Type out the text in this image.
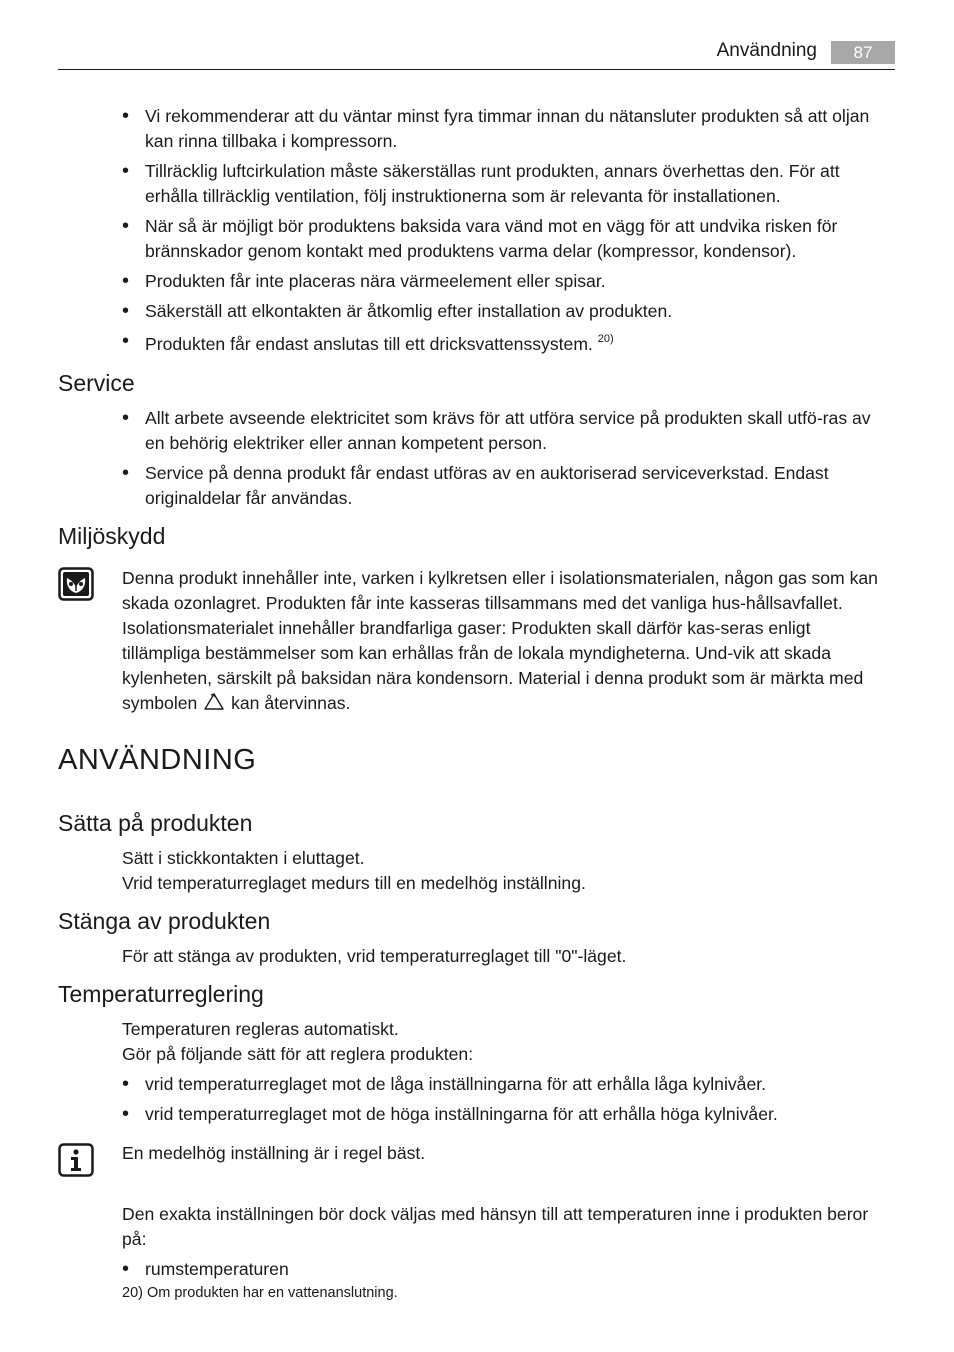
Användning	87
• Vi rekommenderar att du väntar minst fyra timmar innan du nätansluter produkten så att oljan kan rinna tillbaka i kompressorn.
• Tillräcklig luftcirkulation måste säkerställas runt produkten, annars överhettas den. För att erhålla tillräcklig ventilation, följ instruktionerna som är relevanta för installationen.
• När så är möjligt bör produktens baksida vara vänd mot en vägg för att undvika risken för brännskador genom kontakt med produktens varma delar (kompressor, kondensor).
• Produkten får inte placeras nära värmeelement eller spisar.
• Säkerställ att elkontakten är åtkomlig efter installation av produkten.
• Produkten får endast anslutas till ett dricksvattenssystem. $^{20)}$
Service
• Allt arbete avseende elektricitet som krävs för att utföra service på produkten skall utfö-ras av en behörig elektriker eller annan kompetent person.
• Service på denna produkt får endast utföras av en auktoriserad serviceverkstad. Endast originaldelar får användas.
Miljöskydd

Denna produkt innehåller inte, varken i kylkretsen eller i isolationsmaterialen, någon gas som kan skada ozonlagret. Produkten får inte kasseras tillsammans med det vanliga hus-hållsavfallet. Isolationsmaterialet innehåller brandfarliga gaser: Produkten skall därför kas-seras enligt tillämpliga bestämmelser som kan erhållas från de lokala myndigheterna. Und-vik att skada kylenheten, särskilt på baksidan nära kondensorn. Material i denna produkt som är märkta med symbolen kan återvinnas.

ANVÄNDNING
Sätta på produkten

Sätt i stickkontakten i eluttaget.
Vrid temperaturreglaget medurs till en medelhög inställning.

Stänga av produkten

För att stänga av produkten, vrid temperaturreglaget till "0"-läget.

Temperaturreglering

Temperaturen regleras automatiskt.
Gör på följande sätt för att reglera produkten:

• vrid temperaturreglaget mot de låga inställningarna för att erhålla låga kylnivåer.
• vrid temperaturreglaget mot de höga inställningarna för att erhålla höga kylnivåer.

En medelhög inställning är i regel bäst.

Den exakta inställningen bör dock väljas med hänsyn till att temperaturen inne i produkten beror på:

• rumstemperaturen
20) Om produkten har en vattenanslutning.
